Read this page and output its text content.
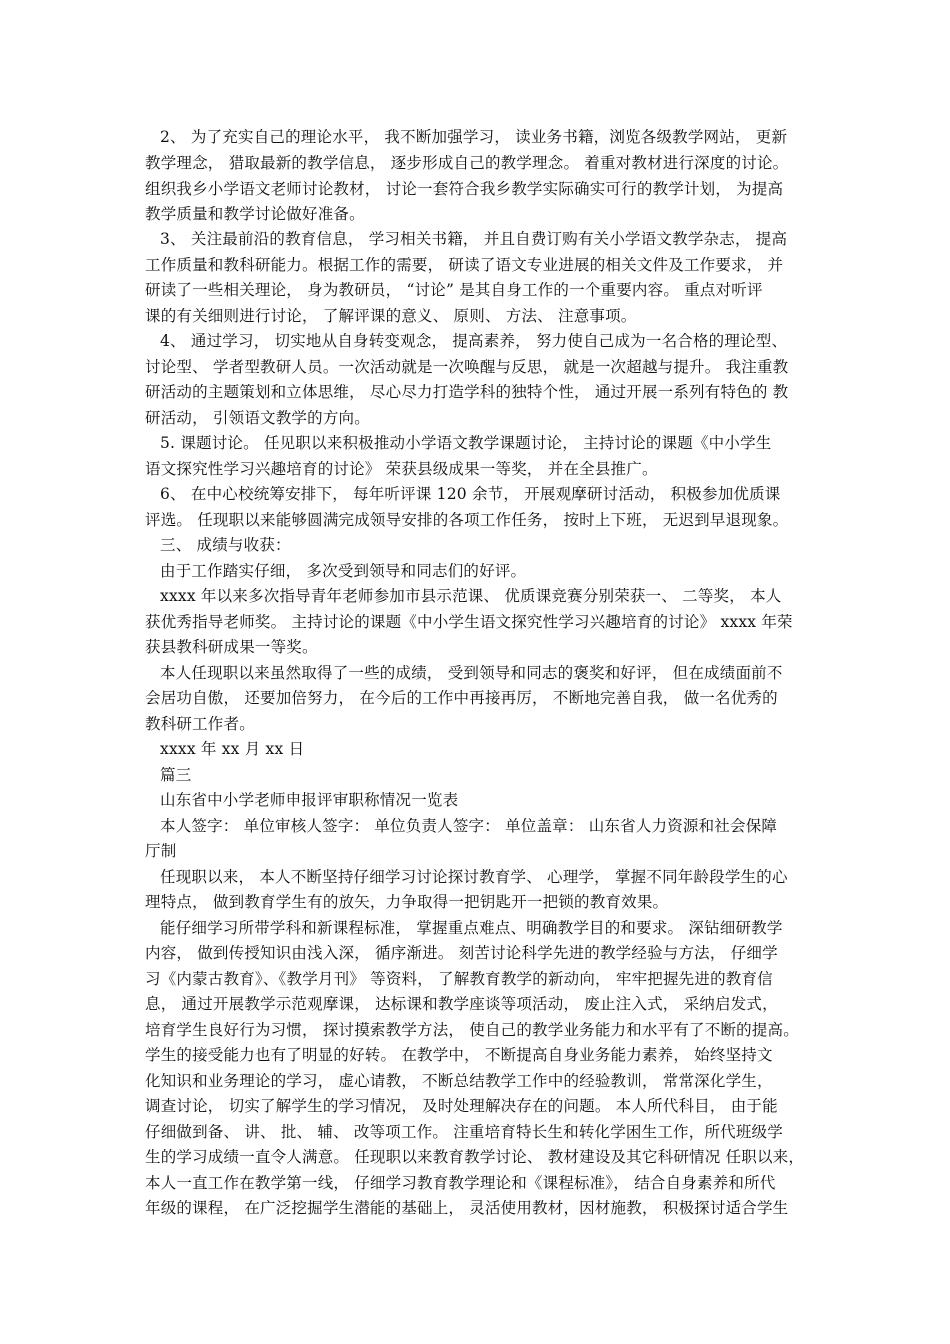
2、 为了充实自己的理论水平， 我不断加强学习， 读业务书籍，浏览各级教学网站， 更新
教学理念， 猎取最新的教学信息， 逐步形成自己的教学理念。 着重对教材进行深度的讨论。
组织我乡小学语文老师讨论教材， 讨论一套符合我乡教学实际确实可行的教学计划， 为提高
教学质量和教学讨论做好准备。
3、 关注最前沿的教育信息， 学习相关书籍， 并且自费订购有关小学语文教学杂志， 提高
工作质量和教科研能力。根据工作的需要， 研读了语文专业进展的相关文件及工作要求， 并
研读了一些相关理论， 身为教研员， “讨论” 是其自身工作的一个重要内容。 重点对听评
课的有关细则进行讨论， 了解评课的意义、 原则、 方法、 注意事项。
4、 通过学习， 切实地从自身转变观念， 提高素养， 努力使自己成为一名合格的理论型、
讨论型、 学者型教研人员。一次活动就是一次唤醒与反思， 就是一次超越与提升。 我注重教
研活动的主题策划和立体思维， 尽心尽力打造学科的独特个性， 通过开展一系列有特色的 教
研活动， 引领语文教学的方向。
5. 课题讨论。 任见职以来积极推动小学语文教学课题讨论， 主持讨论的课题《中小学生
语文探究性学习兴趣培育的讨论》 荣获县级成果一等奖， 并在全县推广。
6、 在中心校统筹安排下， 每年听评课 120 余节， 开展观摩研讨活动， 积极参加优质课
评选。 任现职以来能够圆满完成领导安排的各项工作任务， 按时上下班， 无迟到早退现象。
三、 成绩与收获：
由于工作踏实仔细， 多次受到领导和同志们的好评。
xxxx 年以来多次指导青年老师参加市县示范课、 优质课竞赛分别荣获一、 二等奖， 本人
获优秀指导老师奖。 主持讨论的课题《中小学生语文探究性学习兴趣培育的讨论》 xxxx 年荣
获县教科研成果一等奖。
本人任现职以来虽然取得了一些的成绩， 受到领导和同志的褒奖和好评， 但在成绩面前不
会居功自傲， 还要加倍努力， 在今后的工作中再接再厉， 不断地完善自我， 做一名优秀的
教科研工作者。
xxxx 年 xx 月 xx 日
篇三
山东省中小学老师申报评审职称情况一览表
本人签字： 单位审核人签字： 单位负责人签字： 单位盖章： 山东省人力资源和社会保障
厅制
任现职以来， 本人不断坚持仔细学习讨论探讨教育学、 心理学， 掌握不同年龄段学生的心
理特点， 做到教育学生有的放矢，力争取得一把钥匙开一把锁的教育效果。
能仔细学习所带学科和新课程标准， 掌握重点难点、明确教学目的和要求。 深钻细研教学
内容， 做到传授知识由浅入深， 循序渐进。 刻苦讨论科学先进的教学经验与方法， 仔细学
习《内蒙古教育》、《教学月刊》 等资料， 了解教育教学的新动向， 牢牢把握先进的教育信
息， 通过开展教学示范观摩课， 达标课和教学座谈等项活动， 废止注入式， 采纳启发式，
培育学生良好行为习惯， 探讨摸索教学方法， 使自己的教学业务能力和水平有了不断的提高。
学生的接受能力也有了明显的好转。 在教学中， 不断提高自身业务能力素养， 始终坚持文
化知识和业务理论的学习， 虚心请教， 不断总结教学工作中的经验教训， 常常深化学生，
调查讨论， 切实了解学生的学习情况， 及时处理解决存在的问题。 本人所代科目， 由于能
仔细做到备、 讲、 批、 辅、 改等项工作。 注重培育特长生和转化学困生工作，所代班级学
生的学习成绩一直令人满意。 任现职以来教育教学讨论、 教材建设及其它科研情况 任职以来，
本人一直工作在教学第一线， 仔细学习教育教学理论和《课程标准》， 结合自身素养和所代
年级的课程， 在广泛挖掘学生潜能的基础上， 灵活使用教材，因材施教， 积极探讨适合学生
